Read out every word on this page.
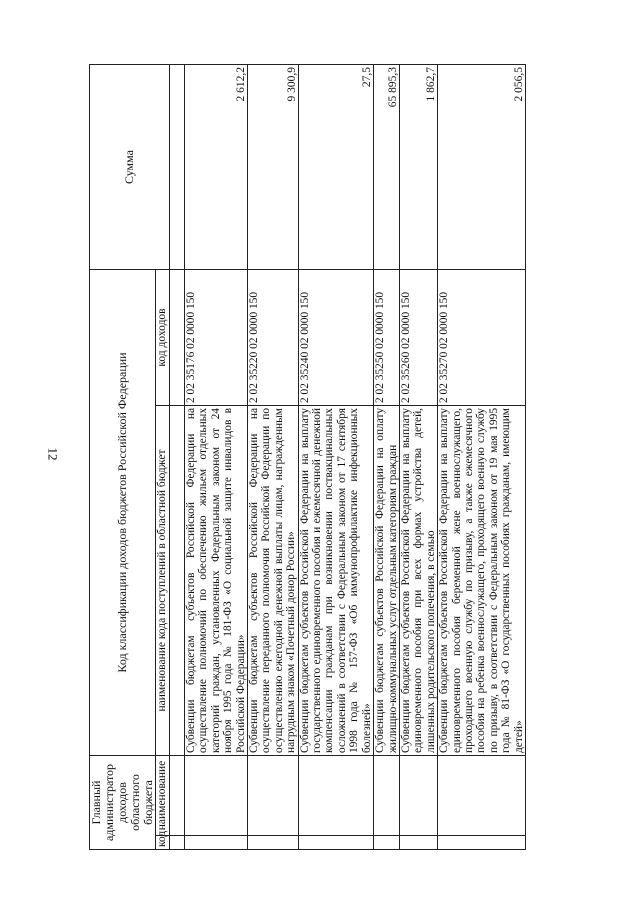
12
Главный администратор доходов областного бюджета		Код классификации доходов бюджетов Российской Федерации		Сумма
код	наименование	наименование кода поступлений в областной бюджет	код доходов	

		Субвенции бюджетам субъектов Российской Федерации на осуществление полномочий по обеспечению жильем отдельных категорий граждан, установленных Федеральным законом от 24 ноября 1995 года № 181-ФЗ «О социальной защите инвалидов в Российской Федерации»	2 02 35176 02 0000 150	2 612,2
		Субвенции бюджетам субъектов Российской Федерации на осуществление переданного полномочия Российской Федерации по осуществлению ежегодной денежной выплаты лицам, награжденным нагрудным знаком «Почетный донор России»	2 02 35220 02 0000 150	9 300,9
		Субвенции бюджетам субъектов Российской Федерации на выплату государственного единовременного пособия и ежемесячной денежной компенсации гражданам при возникновении поствакцинальных осложнений в соответствии с Федеральным законом от 17 сентября 1998 года № 157-ФЗ «Об иммунопрофилактике инфекционных болезней»	2 02 35240 02 0000 150	27,5
		Субвенции бюджетам субъектов Российской Федерации на оплату жилищно-коммунальных услуг отдельным категориям граждан	2 02 35250 02 0000 150	65 895,3
		Субвенции бюджетам субъектов Российской Федерации на выплату единовременного пособия при всех формах устройства детей, лишенных родительского попечения, в семью	2 02 35260 02 0000 150	1 862,7
		Субвенции бюджетам субъектов Российской Федерации на выплату единовременного пособия беременной жене военнослужащего, проходящего военную службу по призыву, а также ежемесячного пособия на ребенка военнослужащего, проходящего военную службу по призыву, в соответствии с Федеральным законом от 19 мая 1995 года № 81-ФЗ «О государственных пособиях гражданам, имеющим детей»	2 02 35270 02 0000 150	2 056,5
